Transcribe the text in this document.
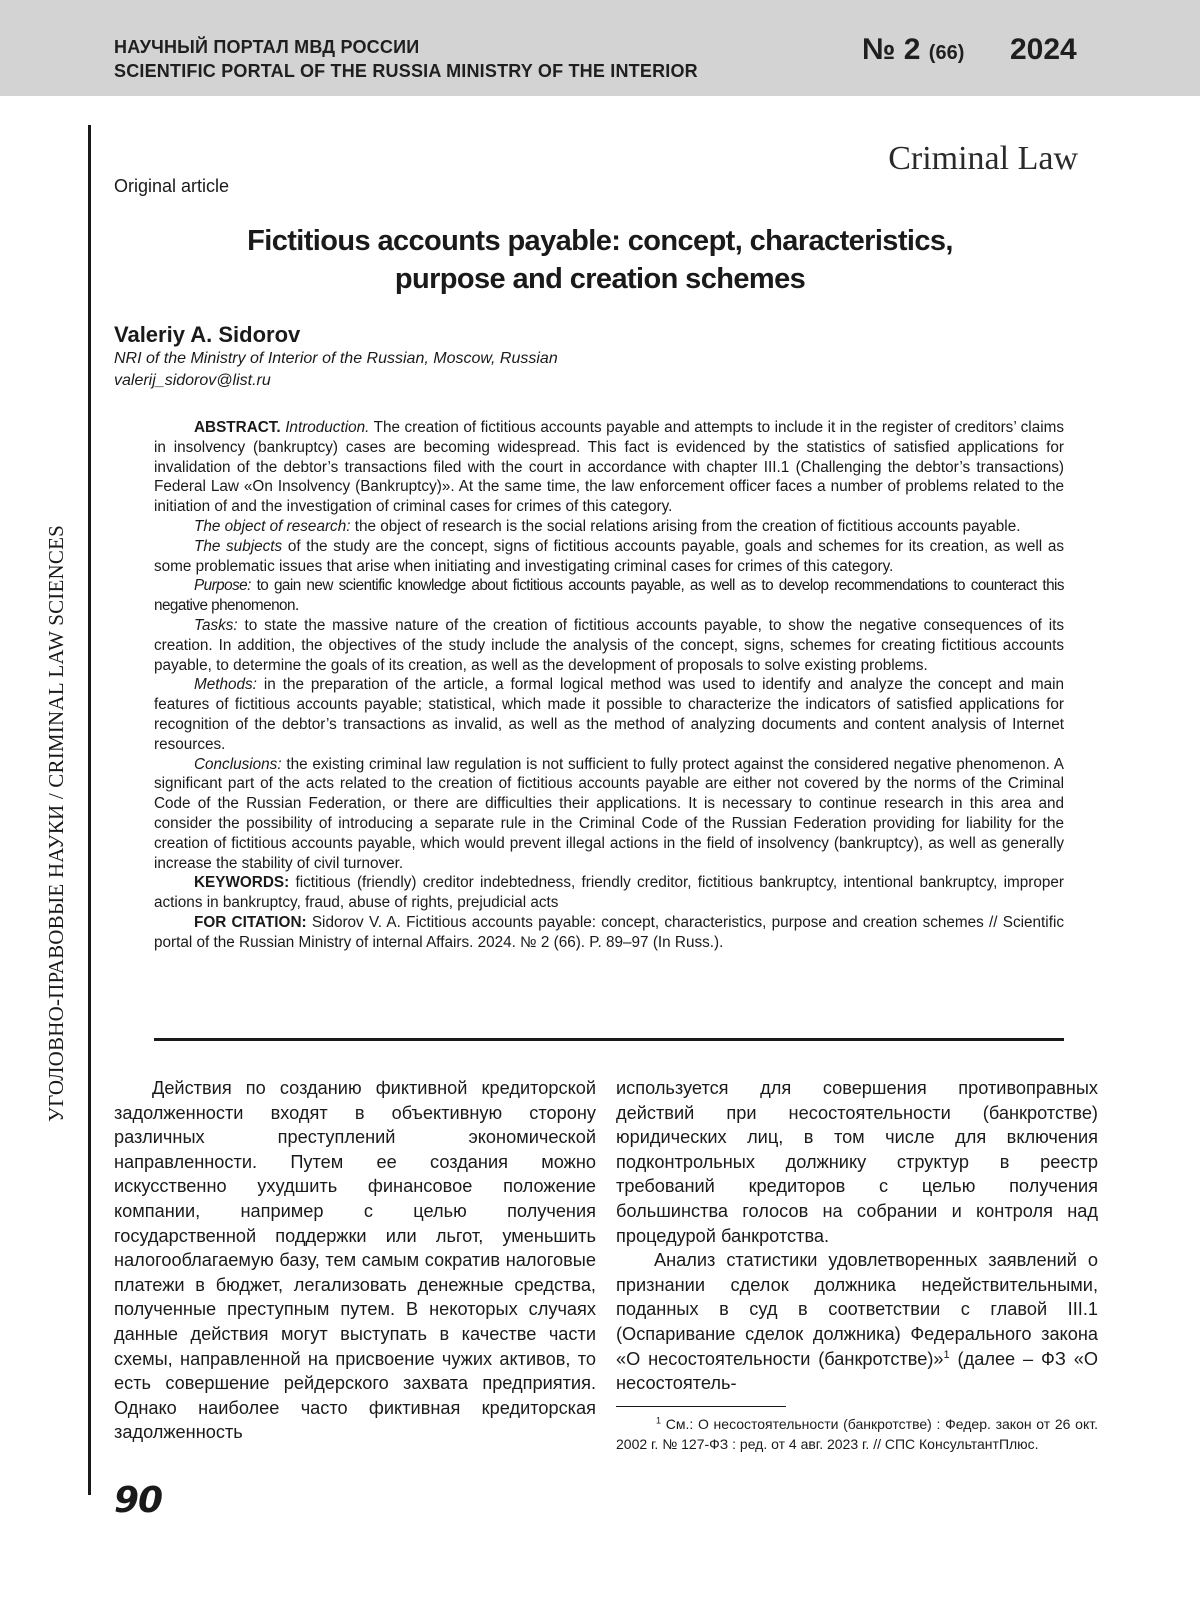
НАУЧНЫЙ ПОРТАЛ МВД РОССИИ
SCIENTIFIC PORTAL OF THE RUSSIA MINISTRY OF THE INTERIOR
№ 2 (66) 2024
УГОЛОВНО-ПРАВОВЫЕ НАУКИ / CRIMINAL LAW SCIENCES
Criminal Law
Original article
Fictitious accounts payable: concept, characteristics,
purpose and creation schemes
Valeriy A. Sidorov
NRI of the Ministry of Interior of the Russian, Moscow, Russian
valerij_sidorov@list.ru

ABSTRACT. Introduction. The creation of fictitious accounts payable and attempts to include it in the register of creditors’ claims in insolvency (bankruptcy) cases are becoming widespread. This fact is evidenced by the statistics of satisfied applications for invalidation of the debtor’s transactions filed with the court in accordance with chapter III.1 (Challenging the debtor’s transactions) Federal Law «On Insolvency (Bankruptcy)». At the same time, the law enforcement officer faces a number of problems related to the initiation of and the investigation of criminal cases for crimes of this category.

The object of research: the object of research is the social relations arising from the creation of fictitious accounts payable.

The subjects of the study are the concept, signs of fictitious accounts payable, goals and schemes for its creation, as well as some problematic issues that arise when initiating and investigating criminal cases for crimes of this category.

Purpose: to gain new scientific knowledge about fictitious accounts payable, as well as to develop recommendations to counteract this negative phenomenon.

Tasks: to state the massive nature of the creation of fictitious accounts payable, to show the negative consequences of its creation. In addition, the objectives of the study include the analysis of the concept, signs, schemes for creating fictitious accounts payable, to determine the goals of its creation, as well as the development of proposals to solve existing problems.

Methods: in the preparation of the article, a formal logical method was used to identify and analyze the concept and main features of fictitious accounts payable; statistical, which made it possible to characterize the indicators of satisfied applications for recognition of the debtor’s transactions as invalid, as well as the method of analyzing documents and content analysis of Internet resources.

Conclusions: the existing criminal law regulation is not sufficient to fully protect against the considered negative phenomenon. A significant part of the acts related to the creation of fictitious accounts payable are either not covered by the norms of the Criminal Code of the Russian Federation, or there are difficulties their applications. It is necessary to continue research in this area and consider the possibility of introducing a separate rule in the Criminal Code of the Russian Federation providing for liability for the creation of fictitious accounts payable, which would prevent illegal actions in the field of insolvency (bankruptcy), as well as generally increase the stability of civil turnover.

KEYWORDS: fictitious (friendly) creditor indebtedness, friendly creditor, fictitious bankruptcy, intentional bankruptcy, improper actions in bankruptcy, fraud, abuse of rights, prejudicial acts

FOR CITATION: Sidorov V. A. Fictitious accounts payable: concept, characteristics, purpose and creation schemes // Scientific portal of the Russian Ministry of internal Affairs. 2024. № 2 (66). P. 89–97 (In Russ.).

Действия по созданию фиктивной кредиторской задолженности входят в объективную сторону различных преступлений экономической направленности. Путем ее создания можно искусственно ухудшить финансовое положение компании, например с целью получения государственной поддержки или льгот, уменьшить налогооблагаемую базу, тем самым сократив налоговые платежи в бюджет, легализовать денежные средства, полученные преступным путем. В некоторых случаях данные действия могут выступать в качестве части схемы, направленной на присвоение чужих активов, то есть совершение рейдерского захвата предприятия. Однако наиболее часто фиктивная кредиторская задолженность

используется для совершения противоправных действий при несостоятельности (банкротстве) юридических лиц, в том числе для включения подконтрольных должнику структур в реестр требований кредиторов с целью получения большинства голосов на собрании и контроля над процедурой банкротства.

Анализ статистики удовлетворенных заявлений о признании сделок должника недействительными, поданных в суд в соответствии с главой III.1 (Оспаривание сделок должника) Федерального закона «О несостоятельности (банкротстве)»$^1$ (далее – ФЗ «О несостоятель-

$^1$ См.: О несостоятельности (банкротстве) : Федер. закон от 26 окт. 2002 г. № 127-ФЗ : ред. от 4 авг. 2023 г. // СПС КонсультантПлюс.
90
